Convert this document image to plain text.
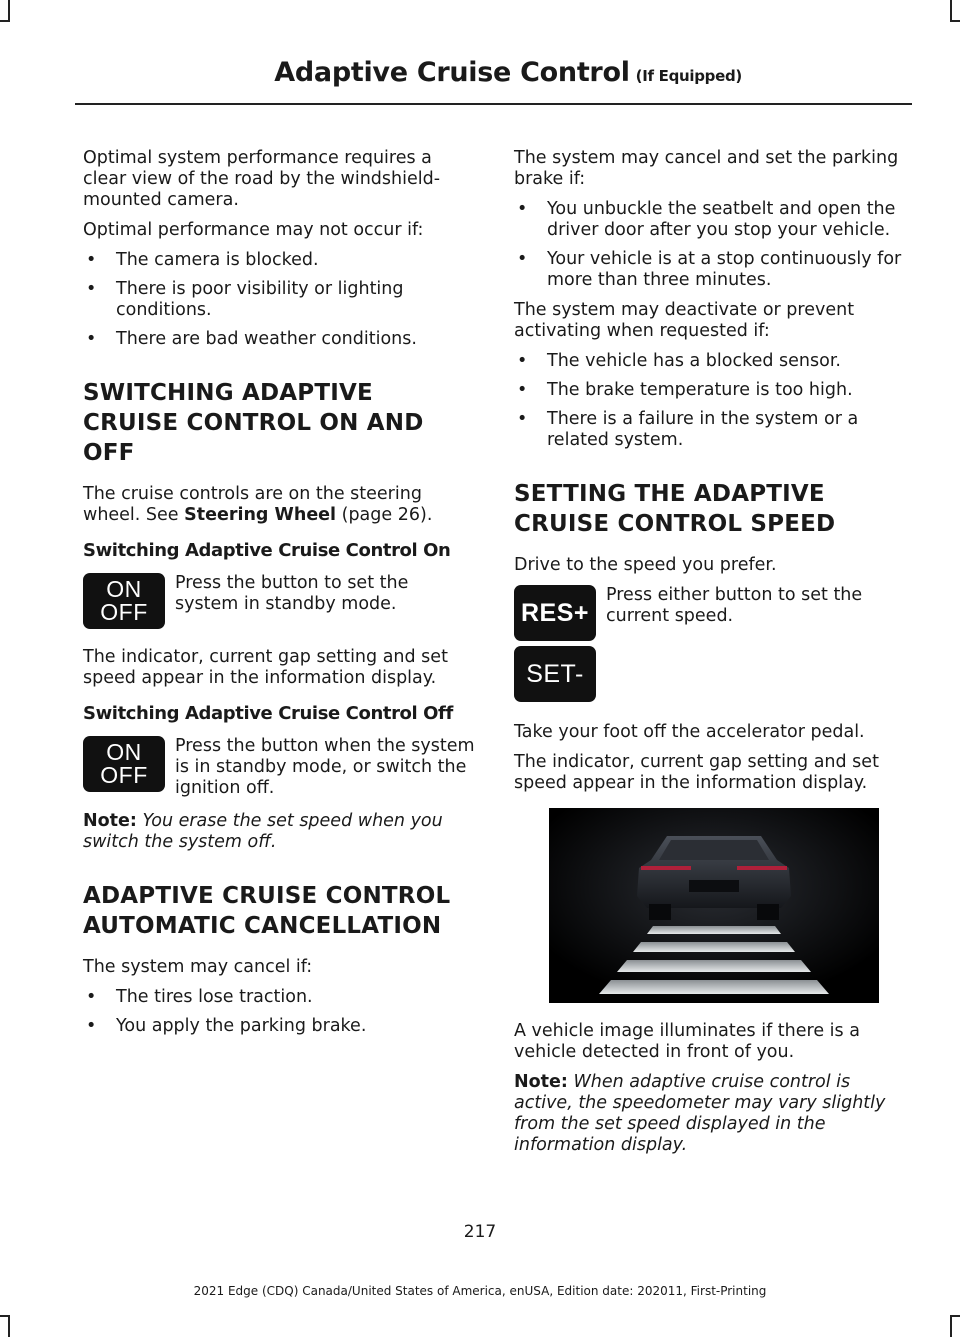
Adaptive Cruise Control (If Equipped)

Optimal system performance requires a clear view of the road by the windshield-mounted camera.

Optimal performance may not occur if:

• The camera is blocked.
• There is poor visibility or lighting conditions.
• There are bad weather conditions.
SWITCHING ADAPTIVE
CRUISE CONTROL ON AND OFF

The cruise controls are on the steering wheel. See Steering Wheel (page 26).

Switching Adaptive Cruise Control On
ON
OFF
Press the button to set the system in standby mode.

The indicator, current gap setting and set speed appear in the information display.

Switching Adaptive Cruise Control Off
ON
OFF
Press the button when the system is in standby mode, or switch the ignition off.

Note: You erase the set speed when you switch the system off.

ADAPTIVE CRUISE CONTROL
AUTOMATIC CANCELLATION

The system may cancel if:

• The tires lose traction.
• You apply the parking brake.

The system may cancel and set the parking brake if:

• You unbuckle the seatbelt and open the driver door after you stop your vehicle.
• Your vehicle is at a stop continuously for more than three minutes.

The system may deactivate or prevent activating when requested if:

• The vehicle has a blocked sensor.
• The brake temperature is too high.
• There is a failure in the system or a related system.
SETTING THE ADAPTIVE
CRUISE CONTROL SPEED

Drive to the speed you prefer.

RES+
SET-
Press either button to set the current speed.

Take your foot off the accelerator pedal.

The indicator, current gap setting and set speed appear in the information display.

A vehicle image illuminates if there is a vehicle detected in front of you.

Note: When adaptive cruise control is active, the speedometer may vary slightly from the set speed displayed in the information display.

217
2021 Edge (CDQ) Canada/United States of America, enUSA, Edition date: 202011, First-Printing
